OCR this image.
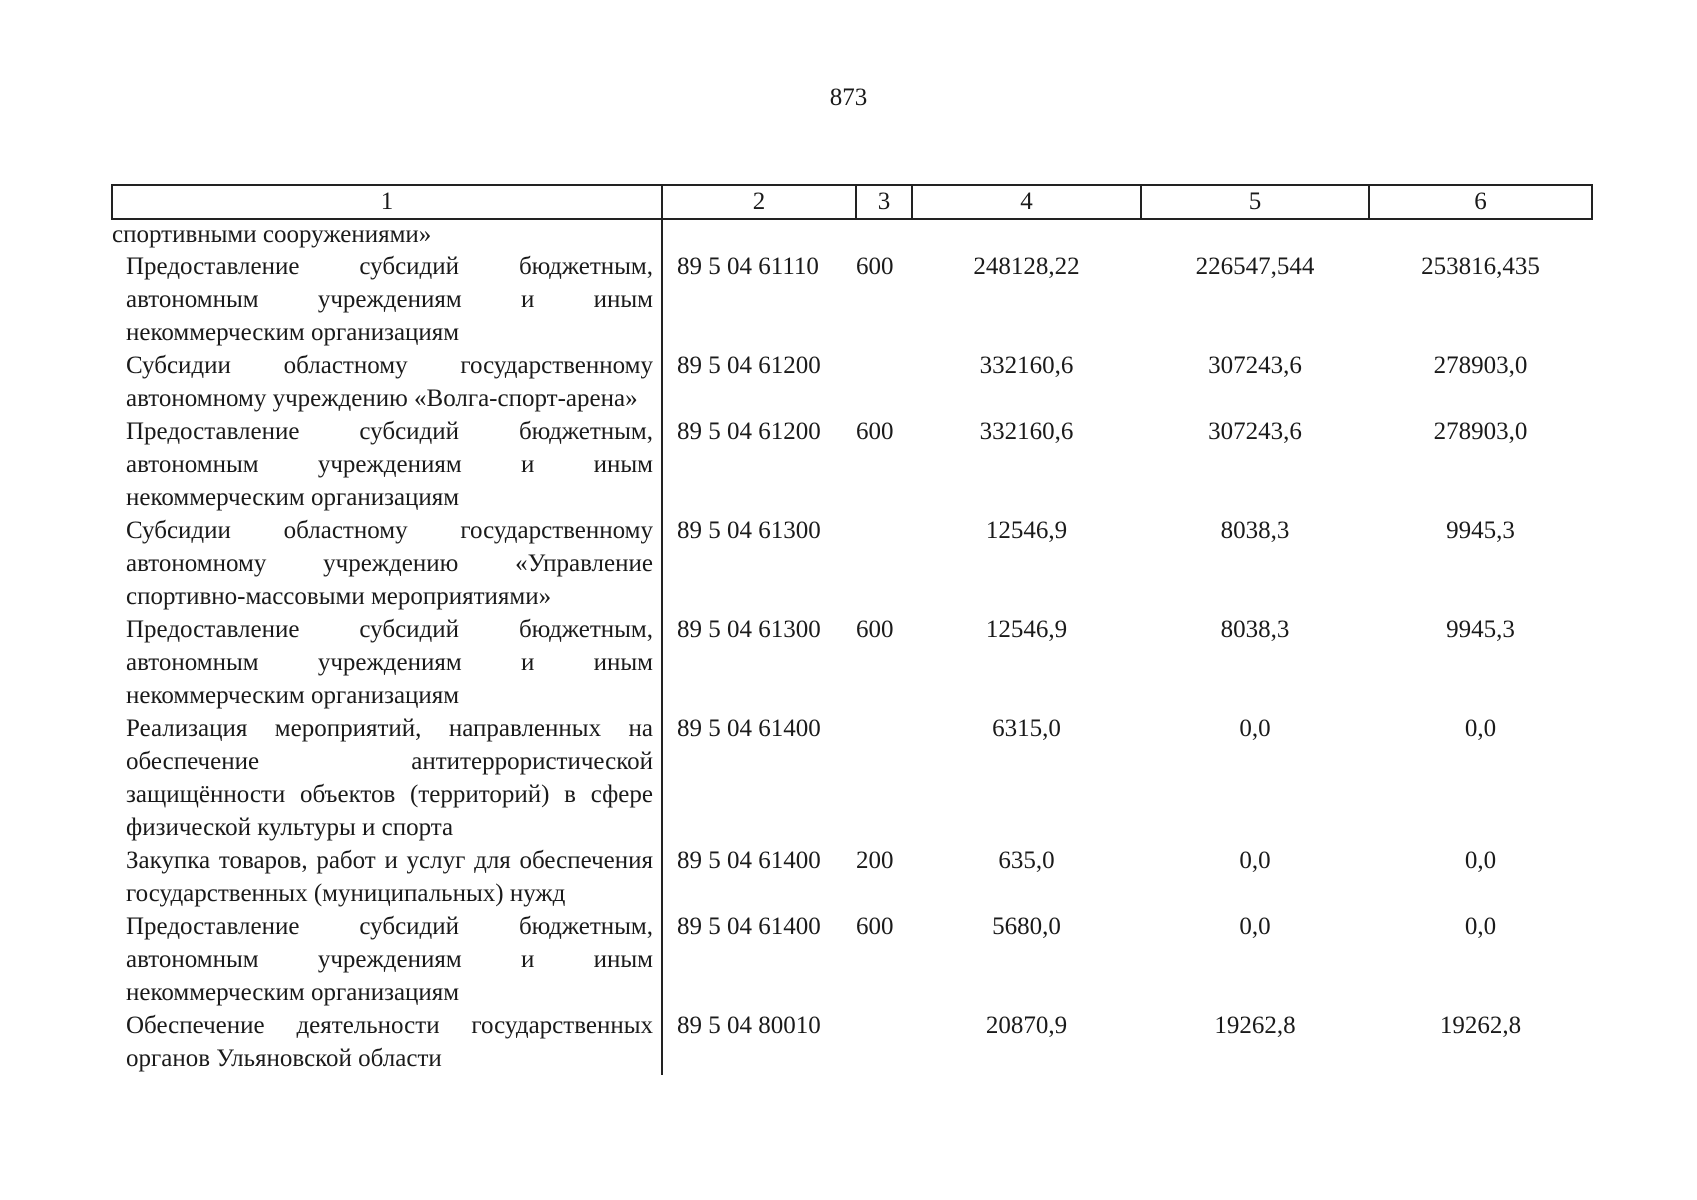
873
1	2	3	4	5	6
спортивными сооружениями»					
Предоставление субсидий бюджетным, автономным учреждениям и иным некоммерческим организациям	89 5 04 61110	600	248128,22	226547,544	253816,435
Субсидии областному государственному автономному учреждению «Волга-спорт-арена»	89 5 04 61200		332160,6	307243,6	278903,0
Предоставление субсидий бюджетным, автономным учреждениям и иным некоммерческим организациям	89 5 04 61200	600	332160,6	307243,6	278903,0
Субсидии областному государственному автономному учреждению «Управление спортивно-массовыми мероприятиями»	89 5 04 61300		12546,9	8038,3	9945,3
Предоставление субсидий бюджетным, автономным учреждениям и иным некоммерческим организациям	89 5 04 61300	600	12546,9	8038,3	9945,3
Реализация мероприятий, направленных на обеспечение антитеррористической защищённости объектов (территорий) в сфере физической культуры и спорта	89 5 04 61400		6315,0	0,0	0,0
Закупка товаров, работ и услуг для обеспечения государственных (муниципальных) нужд	89 5 04 61400	200	635,0	0,0	0,0
Предоставление субсидий бюджетным, автономным учреждениям и иным некоммерческим организациям	89 5 04 61400	600	5680,0	0,0	0,0
Обеспечение деятельности государственных органов Ульяновской области	89 5 04 80010		20870,9	19262,8	19262,8
